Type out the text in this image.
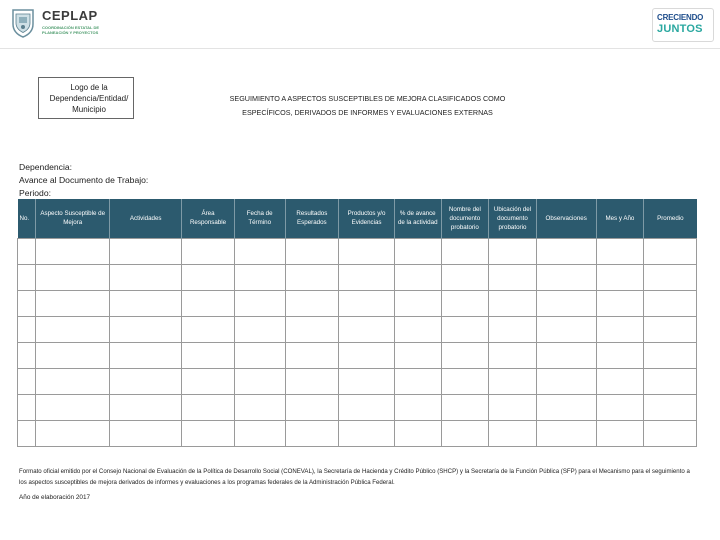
CEPLAP
COORDINACIÓN ESTATAL DE PLANEACIÓN Y PROYECTOS
CRECIENDO
JUNTOS
Logo de la
Dependencia/Entidad/
Municipio
SEGUIMIENTO A ASPECTOS SUSCEPTIBLES DE MEJORA CLASIFICADOS COMO
ESPECÍFICOS, DERIVADOS DE INFORMES Y EVALUACIONES EXTERNAS
Dependencia:
Avance al Documento de Trabajo:
Periodo:
No.	Aspecto Susceptible de Mejora	Actividades	Área Responsable	Fecha de Término	Resultados Esperados	Productos y/o Evidencias	% de avance de la actividad	Nombre del documento probatorio	Ubicación del documento probatorio	Observaciones	Mes y Año	Promedio

Formato oficial emitido por el Consejo Nacional de Evaluación de la Política de Desarrollo Social (CONEVAL), la Secretaría de Hacienda y Crédito Público (SHCP) y la Secretaría de la Función Pública (SFP) para el Mecanismo para el seguimiento a los aspectos susceptibles de mejora derivados de informes y evaluaciones a los programas federales de la Administración Pública Federal.
Año de elaboración 2017
